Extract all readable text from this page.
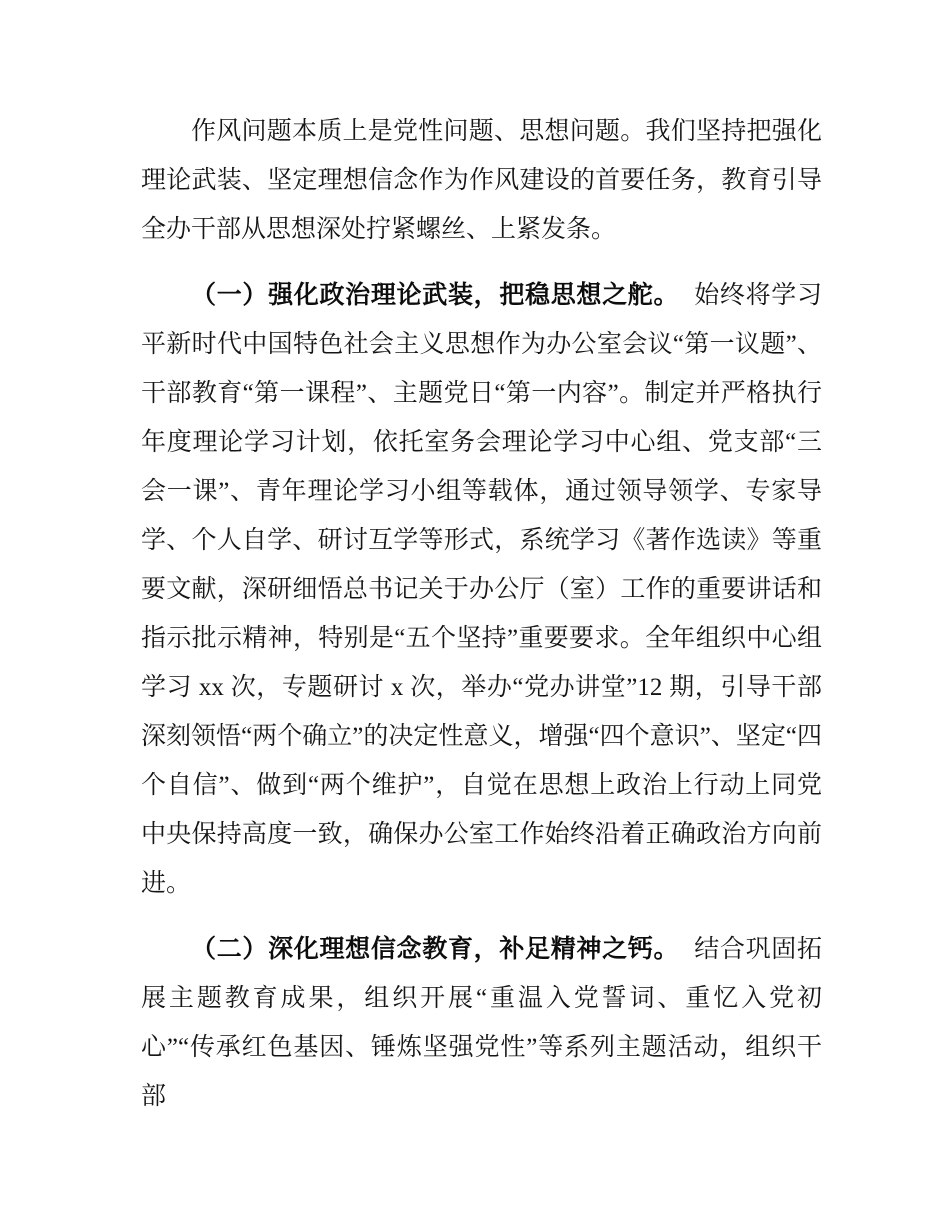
作风问题本质上是党性问题、思想问题。我们坚持把强化理论武装、坚定理想信念作为作风建设的首要任务，教育引导全办干部从思想深处拧紧螺丝、上紧发条。

（一）强化政治理论武装，把稳思想之舵。 始终将学习平新时代中国特色社会主义思想作为办公室会议“第一议题”、干部教育“第一课程”、主题党日“第一内容”。制定并严格执行年度理论学习计划，依托室务会理论学习中心组、党支部“三会一课”、青年理论学习小组等载体，通过领导领学、专家导学、个人自学、研讨互学等形式，系统学习《著作选读》等重要文献，深研细悟总书记关于办公厅（室）工作的重要讲话和指示批示精神，特别是“五个坚持”重要要求。全年组织中心组学习 xx 次，专题研讨 x 次，举办“党办讲堂”12 期，引导干部深刻领悟“两个确立”的决定性意义，增强“四个意识”、坚定“四个自信”、做到“两个维护”，自觉在思想上政治上行动上同党中央保持高度一致，确保办公室工作始终沿着正确政治方向前进。

（二）深化理想信念教育，补足精神之钙。 结合巩固拓展主题教育成果，组织开展“重温入党誓词、重忆入党初心”“传承红色基因、锤炼坚强党性”等系列主题活动，组织干部
